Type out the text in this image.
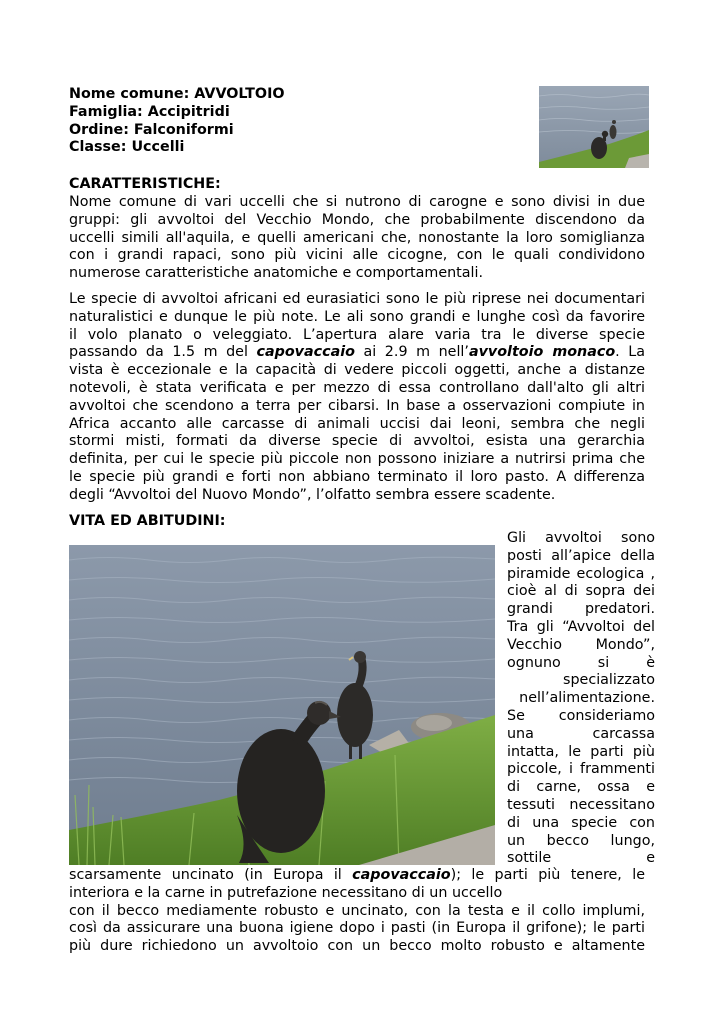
Nome comune: AVVOLTOIO
Famiglia: Accipitridi
Ordine: Falconiformi
Classe: Uccelli
CARATTERISTICHE:
Nome comune di vari uccelli che si nutrono di carogne e sono divisi in due
gruppi: gli avvoltoi del Vecchio Mondo, che probabilmente discendono da
uccelli simili all'aquila, e quelli americani che, nonostante la loro somiglianza
con i grandi rapaci, sono più vicini alle cicogne, con le quali condividono
numerose caratteristiche anatomiche e comportamentali.
Le specie di avvoltoi africani ed eurasiatici sono le più riprese nei documentari
naturalistici e dunque le più note. Le ali sono grandi e lunghe così da favorire
il volo planato o veleggiato. L’apertura alare varia tra le diverse specie
passando da 1.5 m del capovaccaio ai 2.9 m nell’avvoltoio monaco. La
vista è eccezionale e la capacità di vedere piccoli oggetti, anche a distanze
notevoli, è stata verificata e per mezzo di essa controllano dall'alto gli altri
avvoltoi che scendono a terra per cibarsi. In base a osservazioni compiute in
Africa accanto alle carcasse di animali uccisi dai leoni, sembra che negli
stormi misti, formati da diverse specie di avvoltoi, esista una gerarchia
definita, per cui le specie più piccole non possono iniziare a nutrirsi prima che
le specie più grandi e forti non abbiano terminato il loro pasto. A differenza
degli “Avvoltoi del Nuovo Mondo”, l’olfatto sembra essere scadente.
VITA ED ABITUDINI:
Gli avvoltoi sono
posti all’apice della
piramide ecologica ,
cioè al di sopra dei
grandi predatori.
Tra gli “Avvoltoi del
Vecchio Mondo”,
ognuno si è
specializzato
nell’alimentazione.
Se consideriamo
una carcassa
intatta, le parti più
piccole, i frammenti
di carne, ossa e
tessuti necessitano
di una specie con
un becco lungo,
sottile e
scarsamente uncinato (in Europa il capovaccaio); le parti più tenere, le
interiora e la carne in putrefazione necessitano di un uccello
con il becco mediamente robusto e uncinato, con la testa e il collo implumi,
così da assicurare una buona igiene dopo i pasti (in Europa il grifone); le parti
più dure richiedono un avvoltoio con un becco molto robusto e altamente
